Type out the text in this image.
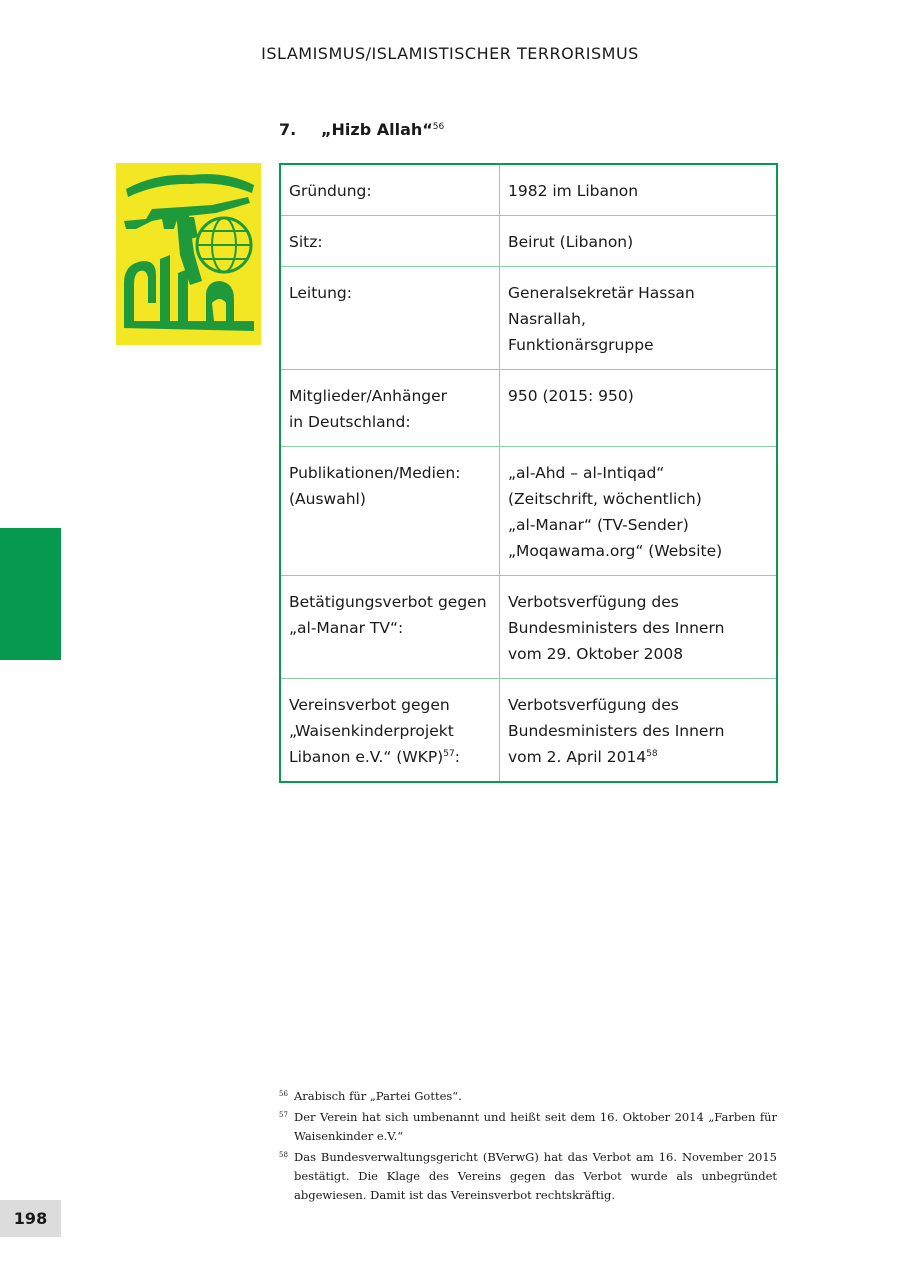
ISLAMISMUS/ISLAMISTISCHER TERRORISMUS
7. „Hizb Allah“$^{56}$
Gründung:	1982 im Libanon

Sitz:	Beirut (Libanon)

Leitung:	Generalsekretär Hassan Nasrallah,
Funktionärsgruppe

Mitglieder/Anhänger
in Deutschland:	950 (2015: 950)

Publikationen/Medien:
(Auswahl)	„al-Ahd – al-Intiqad“
(Zeitschrift, wöchentlich)
„al-Manar“ (TV-Sender)
„Moqawama.org“ (Website)

Betätigungsverbot gegen
„al-Manar TV“:	Verbotsverfügung des
Bundesministers des Innern
vom 29. Oktober 2008

Vereinsverbot gegen
„Waisenkinderprojekt
Libanon e.V.“ (WKP)$^{57}$:	Verbotsverfügung des
Bundesministers des Innern
vom 2. April 2014$^{58}$
56 Arabisch für „Partei Gottes“.
57 Der Verein hat sich umbenannt und heißt seit dem 16. Oktober 2014 „Farben für Waisenkinder e.V.“
58 Das Bundesverwaltungsgericht (BVerwG) hat das Verbot am 16. November 2015 bestätigt. Die Klage des Vereins gegen das Verbot wurde als unbegründet abgewiesen. Damit ist das Vereinsverbot rechtskräftig.
198
